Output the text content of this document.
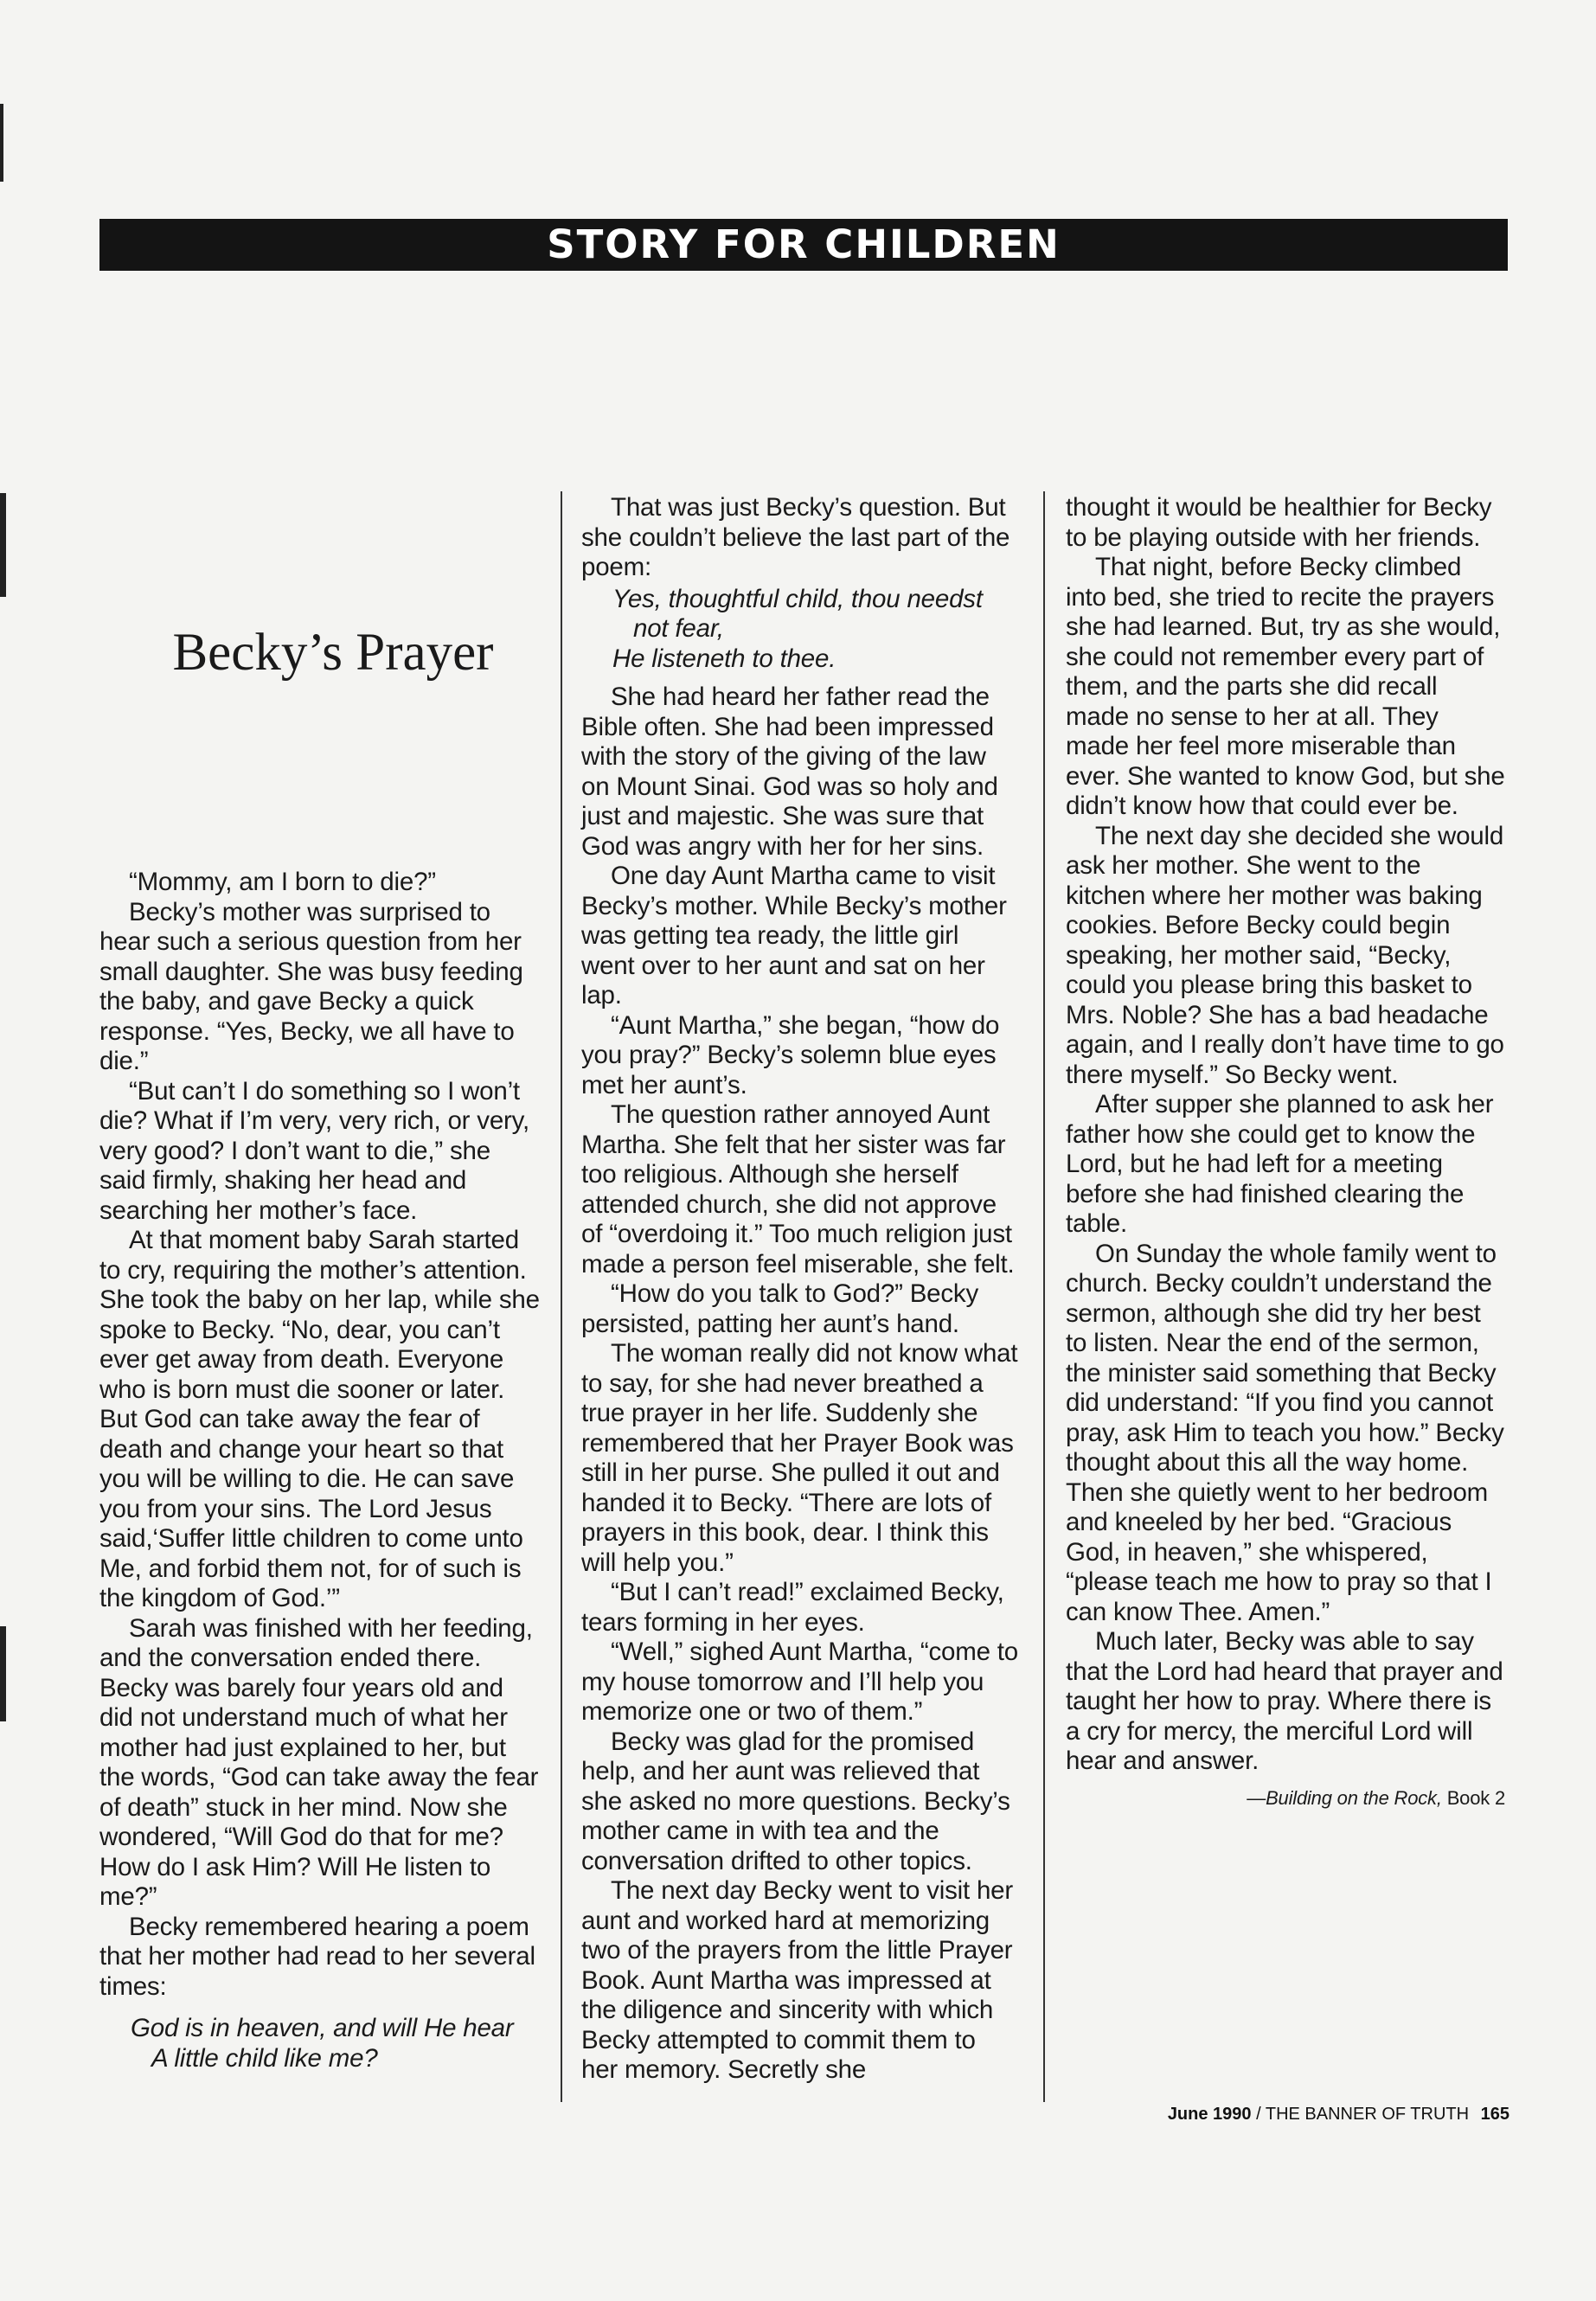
STORY FOR CHILDREN
Becky’s Prayer

“Mommy, am I born to die?”

Becky’s mother was surprised to hear such a serious question from her small daughter. She was busy feeding the baby, and gave Becky a quick response. “Yes, Becky, we all have to die.”

“But can’t I do something so I won’t die? What if I’m very, very rich, or very, very good? I don’t want to die,” she said firmly, shaking her head and searching her mother’s face.

At that moment baby Sarah started to cry, requiring the mother’s attention. She took the baby on her lap, while she spoke to Becky. “No, dear, you can’t ever get away from death. Everyone who is born must die sooner or later. But God can take away the fear of death and change your heart so that you will be willing to die. He can save you from your sins. The Lord Jesus said,‘Suffer little children to come unto Me, and forbid them not, for of such is the kingdom of God.’”

Sarah was finished with her feeding, and the conversation ended there. Becky was barely four years old and did not understand much of what her mother had just explained to her, but the words, “God can take away the fear of death” stuck in her mind. Now she wondered, “Will God do that for me? How do I ask Him? Will He listen to me?”

Becky remembered hearing a poem that her mother had read to her several times:

God is in heaven, and will He hear
A little child like me?

That was just Becky’s question. But she couldn’t believe the last part of the poem:

Yes, thoughtful child, thou needst
not fear,
He listeneth to thee.

She had heard her father read the Bible often. She had been impressed with the story of the giving of the law on Mount Sinai. God was so holy and just and majestic. She was sure that God was angry with her for her sins.

One day Aunt Martha came to visit Becky’s mother. While Becky’s mother was getting tea ready, the little girl went over to her aunt and sat on her lap.

“Aunt Martha,” she began, “how do you pray?” Becky’s solemn blue eyes met her aunt’s.

The question rather annoyed Aunt Martha. She felt that her sister was far too religious. Although she herself attended church, she did not approve of “overdoing it.” Too much religion just made a person feel miserable, she felt.

“How do you talk to God?” Becky persisted, patting her aunt’s hand.

The woman really did not know what to say, for she had never breathed a true prayer in her life. Suddenly she remembered that her Prayer Book was still in her purse. She pulled it out and handed it to Becky. “There are lots of prayers in this book, dear. I think this will help you.”

“But I can’t read!” exclaimed Becky, tears forming in her eyes.

“Well,” sighed Aunt Martha, “come to my house tomorrow and I’ll help you memorize one or two of them.”

Becky was glad for the promised help, and her aunt was relieved that she asked no more questions. Becky’s mother came in with tea and the conversation drifted to other topics.

The next day Becky went to visit her aunt and worked hard at memorizing two of the prayers from the little Prayer Book. Aunt Martha was impressed at the diligence and sincerity with which Becky attempted to commit them to her memory. Secretly she

thought it would be healthier for Becky to be playing outside with her friends.

That night, before Becky climbed into bed, she tried to recite the prayers she had learned. But, try as she would, she could not remember every part of them, and the parts she did recall made no sense to her at all. They made her feel more miserable than ever. She wanted to know God, but she didn’t know how that could ever be.

The next day she decided she would ask her mother. She went to the kitchen where her mother was baking cookies. Before Becky could begin speaking, her mother said, “Becky, could you please bring this basket to Mrs. Noble? She has a bad headache again, and I really don’t have time to go there myself.” So Becky went.

After supper she planned to ask her father how she could get to know the Lord, but he had left for a meeting before she had finished clearing the table.

On Sunday the whole family went to church. Becky couldn’t understand the sermon, although she did try her best to listen. Near the end of the sermon, the minister said something that Becky did understand: “If you find you cannot pray, ask Him to teach you how.” Becky thought about this all the way home. Then she quietly went to her bedroom and kneeled by her bed. “Gracious God, in heaven,” she whispered, “please teach me how to pray so that I can know Thee. Amen.”

Much later, Becky was able to say that the Lord had heard that prayer and taught her how to pray. Where there is a cry for mercy, the merciful Lord will hear and answer.

—Building on the Rock, Book 2
June 1990 / THE BANNER OF TRUTH 165
